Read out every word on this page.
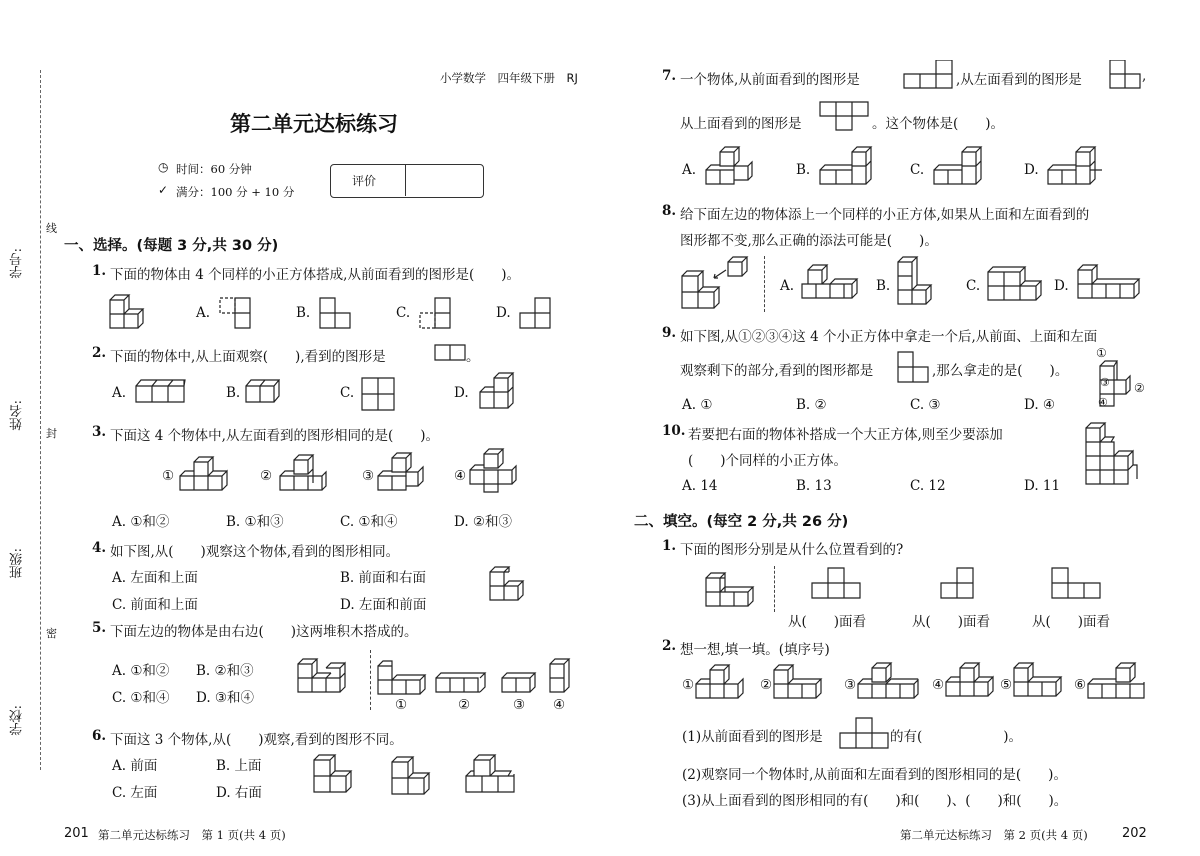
学号:
线
姓名:
封
班级:
密
学校:
小学数学　四年级下册　RJ
第二单元达标练习
◷ 时间：60 分钟
✓ 满分：100 分 + 10 分
评价
一、选择。(每题 3 分,共 30 分)
1. 下面的物体由 4 个同样的小正方体搭成,从前面看到的图形是(　　)。
A.	B.	C.	D.
2. 下面的物体中,从上面观察(　　),看到的图形是	。
A.	B.	C.	D.
3. 下面这 4 个物体中,从左面看到的图形相同的是(　　)。
①	②	③	④
A. ①和②	B. ①和③	C. ①和④	D. ②和③
4. 如下图,从(　　)观察这个物体,看到的图形相同。
A. 左面和上面	B. 前面和右面
C. 前面和上面	D. 左面和前面
5. 下面左边的物体是由右边(　　)这两堆积木搭成的。
A. ①和② B. ②和③
C. ①和④ D. ③和④	①	②	③ ④
6. 下面这 3 个物体,从(　　)观察,看到的图形不同。
A. 前面	B. 上面
C. 左面	D. 右面
201 第二单元达标练习　第 1 页(共 4 页)
7. 一个物体,从前面看到的图形是	,从左面看到的图形是	,
从上面看到的图形是	。这个物体是(　　)。
A.	B.	C.	D.
8. 给下面左边的物体添上一个同样的小正方体,如果从上面和左面看到的
图形都不变,那么正确的添法可能是(　　)。
A.	B.	C.	D.
9. 如下图,从①②③④这 4 个小正方体中拿走一个后,从前面、上面和左面
观察剩下的部分,看到的图形都是	,那么拿走的是(　　)。
①
②
③
④
A. ①	B. ②	C. ③	D. ④
10. 若要把右面的物体补搭成一个大正方体,则至少要添加
(　　)个同样的小正方体。
A. 14	B. 13	C. 12	D. 11
二、填空。(每空 2 分,共 26 分)
1. 下面的图形分别是从什么位置看到的?
从(　　)面看	从(　　)面看	从(　　)面看
2. 想一想,填一填。(填序号)
①	②	③	④	⑤	⑥
(1)从前面看到的图形是	的有(　　　　　　)。
(2)观察同一个物体时,从前面和左面看到的图形相同的是(　　)。
(3)从上面看到的图形相同的有(　　)和(　　)、(　　)和(　　)。
第二单元达标练习　第 2 页(共 4 页)	202
